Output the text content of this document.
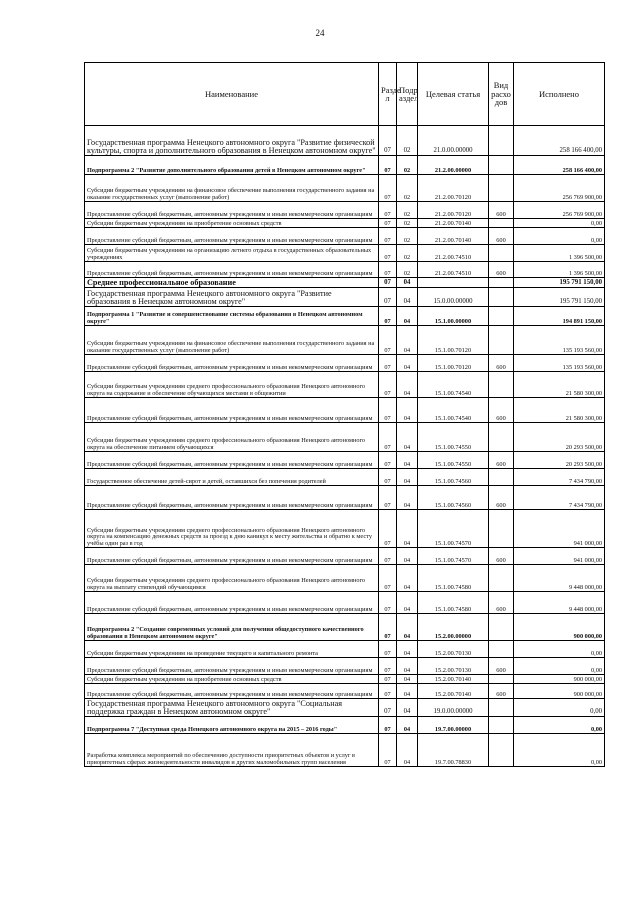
24
Наименование	Разде л	Подр аздел	Целевая статья	Вид расхо дов	Исполнено
Государственная программа Ненецкого автономного округа "Развитие физической культуры, спорта и дополнительного образования в Ненецком автономном округе"	07	02	21.0.00.00000		258 166 400,00
Подпрограмма 2 "Развитие дополнительного образования детей в Ненецком автономном округе"	07	02	21.2.00.00000		258 166 400,00
Субсидии бюджетным учреждениям на финансовое обеспечение выполнения государственного задания на оказание государственных услуг (выполнение работ)	07	02	21.2.00.70120		256 769 900,00
Предоставление субсидий бюджетным, автономным учреждениям и иным некоммерческим организациям	07	02	21.2.00.70120	600	256 769 900,00
Субсидии бюджетным учреждениям на приобретение основных средств	07	02	21.2.00.70140		0,00
Предоставление субсидий бюджетным, автономным учреждениям и иным некоммерческим организациям	07	02	21.2.00.70140	600	0,00
Субсидии бюджетным учреждениям на организацию летнего отдыха в государственных образовательных учреждениях	07	02	21.2.00.74510		1 396 500,00
Предоставление субсидий бюджетным, автономным учреждениям и иным некоммерческим организациям	07	02	21.2.00.74510	600	1 396 500,00
Среднее профессиональное образование	07	04			195 791 150,00
Государственная программа Ненецкого автономного округа "Развитие образования в Ненецком автономном округе"	07	04	15.0.00.00000		195 791 150,00
Подпрограмма 1 "Развитие и совершенствование системы образования в Ненецком автономном округе"	07	04	15.1.00.00000		194 891 150,00
Субсидии бюджетным учреждениям на финансовое обеспечение выполнения государственного задания на оказание государственных услуг (выполнение работ)	07	04	15.1.00.70120		135 193 560,00
Предоставление субсидий бюджетным, автономным учреждениям и иным некоммерческим организациям	07	04	15.1.00.70120	600	135 193 560,00
Субсидии бюджетным учреждениям среднего профессионального образования Ненецкого автономного округа на содержание и обеспечение обучающихся местами в общежитии	07	04	15.1.00.74540		21 580 300,00
Предоставление субсидий бюджетным, автономным учреждениям и иным некоммерческим организациям	07	04	15.1.00.74540	600	21 580 300,00
Субсидии бюджетным учреждениям среднего профессионального образования Ненецкого автономного округа на обеспечение питанием обучающихся	07	04	15.1.00.74550		20 293 500,00
Предоставление субсидий бюджетным, автономным учреждениям и иным некоммерческим организациям	07	04	15.1.00.74550	600	20 293 500,00
Государственное обеспечение детей-сирот и детей, оставшихся без попечения родителей	07	04	15.1.00.74560		7 434 790,00
Предоставление субсидий бюджетным, автономным учреждениям и иным некоммерческим организациям	07	04	15.1.00.74560	600	7 434 790,00
Субсидии бюджетным учреждениям среднего профессионального образования Ненецкого автономного округа на компенсацию денежных средств за проезд к дню каникул к месту жительства и обратно к месту учёбы один раз в год	07	04	15.1.00.74570		941 000,00
Предоставление субсидий бюджетным, автономным учреждениям и иным некоммерческим организациям	07	04	15.1.00.74570	600	941 000,00
Субсидии бюджетным учреждениям среднего профессионального образования Ненецкого автономного округа на выплату стипендий обучающимся	07	04	15.1.00.74580		9 448 000,00
Предоставление субсидий бюджетным, автономным учреждениям и иным некоммерческим организациям	07	04	15.1.00.74580	600	9 448 000,00
Подпрограмма 2 "Создание современных условий для получения общедоступного качественного образования в Ненецком автономном округе"	07	04	15.2.00.00000		900 000,00
Субсидии бюджетным учреждениям на проведение текущего и капитального ремонта	07	04	15.2.00.70130		0,00
Предоставление субсидий бюджетным, автономным учреждениям и иным некоммерческим организациям	07	04	15.2.00.70130	600	0,00
Субсидии бюджетным учреждениям на приобретение основных средств	07	04	15.2.00.70140		900 000,00
Предоставление субсидий бюджетным, автономным учреждениям и иным некоммерческим организациям	07	04	15.2.00.70140	600	900 000,00
Государственная программа Ненецкого автономного округа "Социальная поддержка граждан в Ненецком автономном округе"	07	04	19.0.00.00000		0,00
Подпрограмма 7 "Доступная среда Ненецкого автономного округа на 2015 – 2016 годы"	07	04	19.7.00.00000		0,00
Разработка комплекса мероприятий по обеспечению доступности приоритетных объектов и услуг в приоритетных сферах жизнедеятельности инвалидов и других маломобильных групп населения	07	04	19.7.00.78830		0,00
